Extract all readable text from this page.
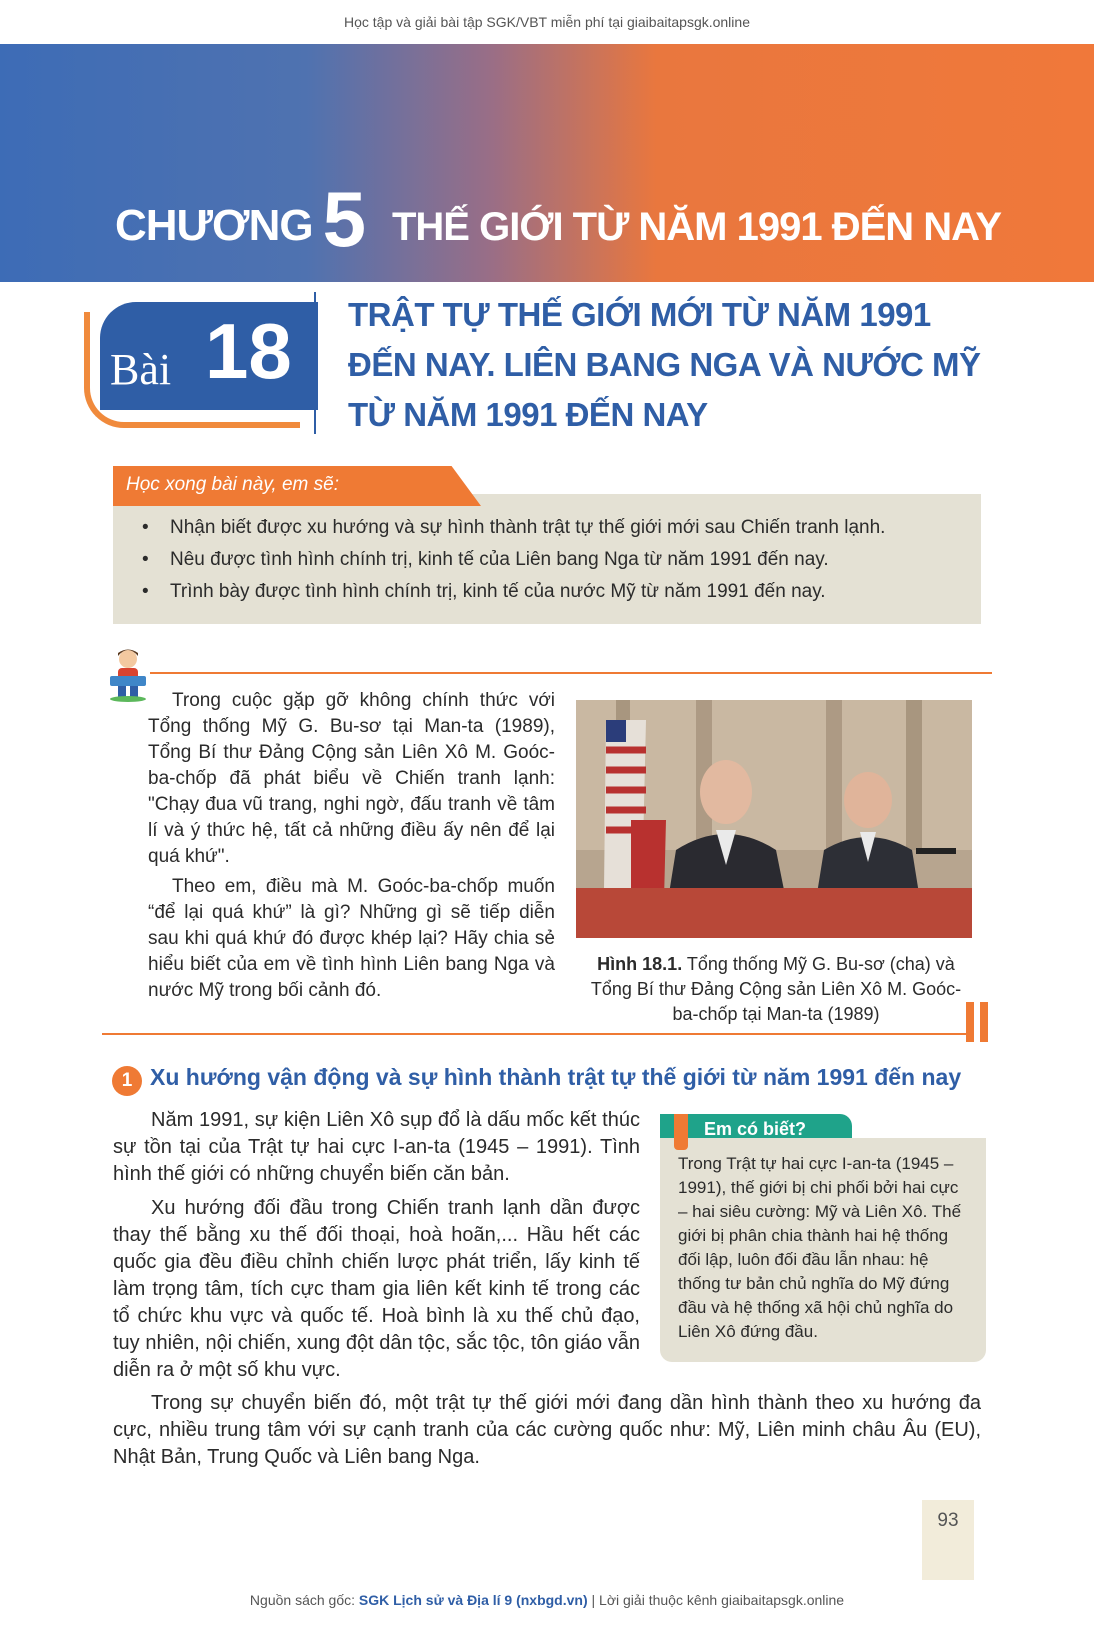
Học tập và giải bài tập SGK/VBT miễn phí tại giaibaitapsgk.online
CHƯƠNG 5 THẾ GIỚI TỪ NĂM 1991 ĐẾN NAY
Bài 18 TRẬT TỰ THẾ GIỚI MỚI TỪ NĂM 1991
ĐẾN NAY. LIÊN BANG NGA VÀ NƯỚC MỸ
TỪ NĂM 1991 ĐẾN NAY
Học xong bài này, em sẽ:
• Nhận biết được xu hướng và sự hình thành trật tự thế giới mới sau Chiến tranh lạnh.
• Nêu được tình hình chính trị, kinh tế của Liên bang Nga từ năm 1991 đến nay.
• Trình bày được tình hình chính trị, kinh tế của nước Mỹ từ năm 1991 đến nay.
Trong cuộc gặp gỡ không chính thức với Tổng thống Mỹ G. Bu-sơ tại Man-ta (1989), Tổng Bí thư Đảng Cộng sản Liên Xô M. Goóc-ba-chốp đã phát biểu về Chiến tranh lạnh: "Chạy đua vũ trang, nghi ngờ, đấu tranh về tâm lí và ý thức hệ, tất cả những điều ấy nên để lại quá khứ".
Theo em, điều mà M. Goóc-ba-chốp muốn “để lại quá khứ” là gì? Những gì sẽ tiếp diễn sau khi quá khứ đó được khép lại? Hãy chia sẻ hiểu biết của em về tình hình Liên bang Nga và nước Mỹ trong bối cảnh đó.
Hình 18.1. Tổng thống Mỹ G. Bu-sơ (cha) và Tổng Bí thư Đảng Cộng sản Liên Xô M. Goóc-ba-chốp tại Man-ta (1989)
1 Xu hướng vận động và sự hình thành trật tự thế giới từ năm 1991 đến nay
Năm 1991, sự kiện Liên Xô sụp đổ là dấu mốc kết thúc sự tồn tại của Trật tự hai cực I-an-ta (1945 – 1991). Tình hình thế giới có những chuyển biến căn bản.
Xu hướng đối đầu trong Chiến tranh lạnh dần được thay thế bằng xu thế đối thoại, hoà hoãn,... Hầu hết các quốc gia đều điều chỉnh chiến lược phát triển, lấy kinh tế làm trọng tâm, tích cực tham gia liên kết kinh tế trong các tổ chức khu vực và quốc tế. Hoà bình là xu thế chủ đạo, tuy nhiên, nội chiến, xung đột dân tộc, sắc tộc, tôn giáo vẫn diễn ra ở một số khu vực.
Trong sự chuyển biến đó, một trật tự thế giới mới đang dần hình thành theo xu hướng đa cực, nhiều trung tâm với sự cạnh tranh của các cường quốc như: Mỹ, Liên minh châu Âu (EU), Nhật Bản, Trung Quốc và Liên bang Nga.
Em có biết?
Trong Trật tự hai cực I-an-ta (1945 – 1991), thế giới bị chi phối bởi hai cực – hai siêu cường: Mỹ và Liên Xô. Thế giới bị phân chia thành hai hệ thống đối lập, luôn đối đầu lẫn nhau: hệ thống tư bản chủ nghĩa do Mỹ đứng đầu và hệ thống xã hội chủ nghĩa do Liên Xô đứng đầu.
93
Nguồn sách gốc: SGK Lịch sử và Địa lí 9 (nxbgd.vn) | Lời giải thuộc kênh giaibaitapsgk.online
